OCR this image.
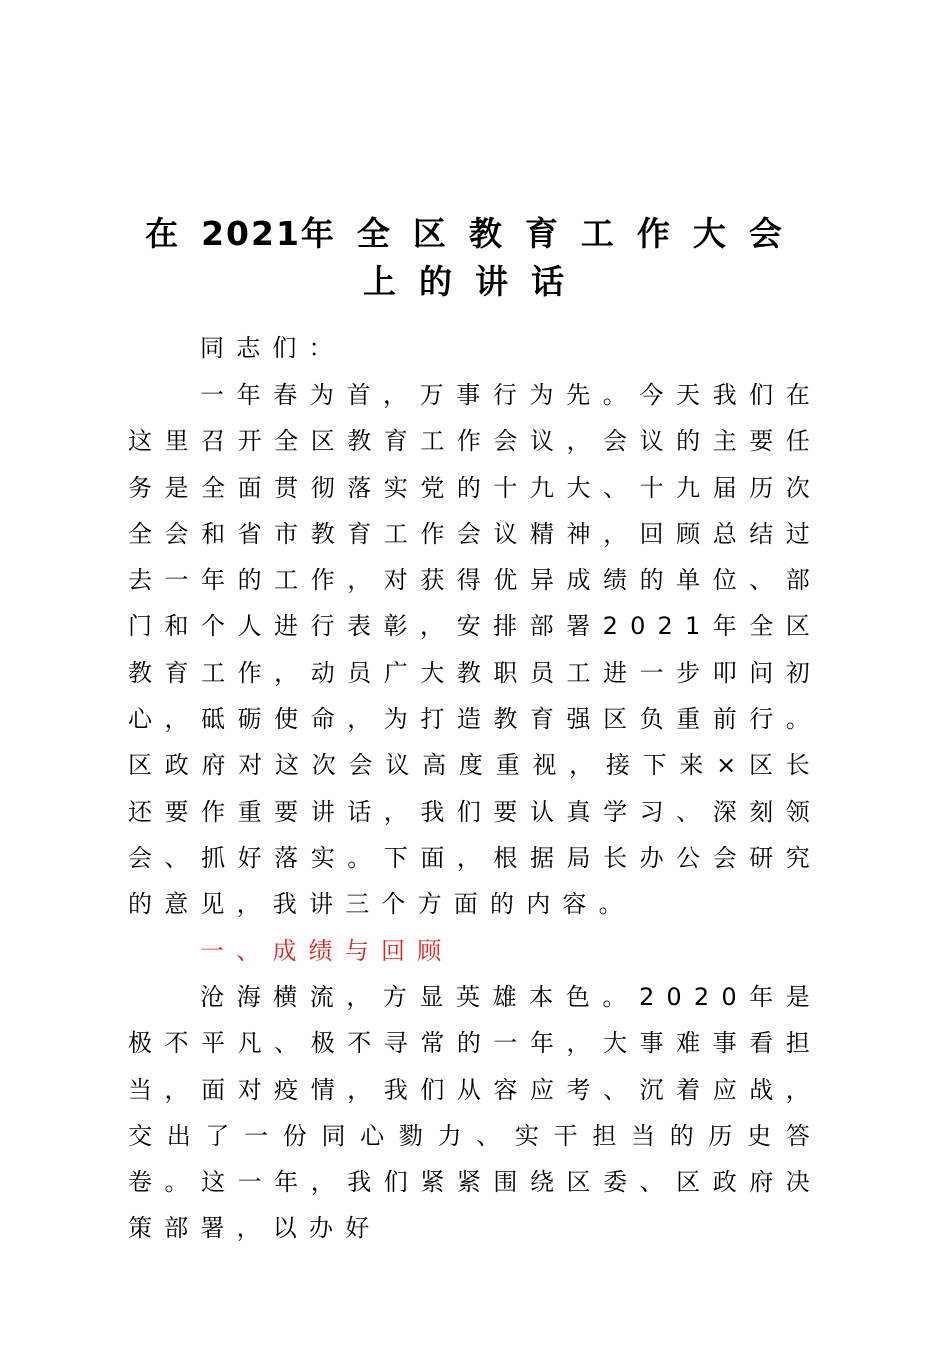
在2021年全区教育工作大会上的讲话

同志们：

一年春为首，万事行为先。今天我们在这里召开全区教育工作会议，会议的主要任务是全面贯彻落实党的十九大、十九届历次全会和省市教育工作会议精神，回顾总结过去一年的工作，对获得优异成绩的单位、部门和个人进行表彰，安排部署2021年全区教育工作，动员广大教职员工进一步叩问初心，砥砺使命，为打造教育强区负重前行。区政府对这次会议高度重视，接下来×区长还要作重要讲话，我们要认真学习、深刻领会、抓好落实。下面，根据局长办公会研究的意见，我讲三个方面的内容。

一、成绩与回顾

沧海横流，方显英雄本色。2020年是极不平凡、极不寻常的一年，大事难事看担当，面对疫情，我们从容应考、沉着应战，交出了一份同心勠力、实干担当的历史答卷。这一年，我们紧紧围绕区委、区政府决策部署，以办好
